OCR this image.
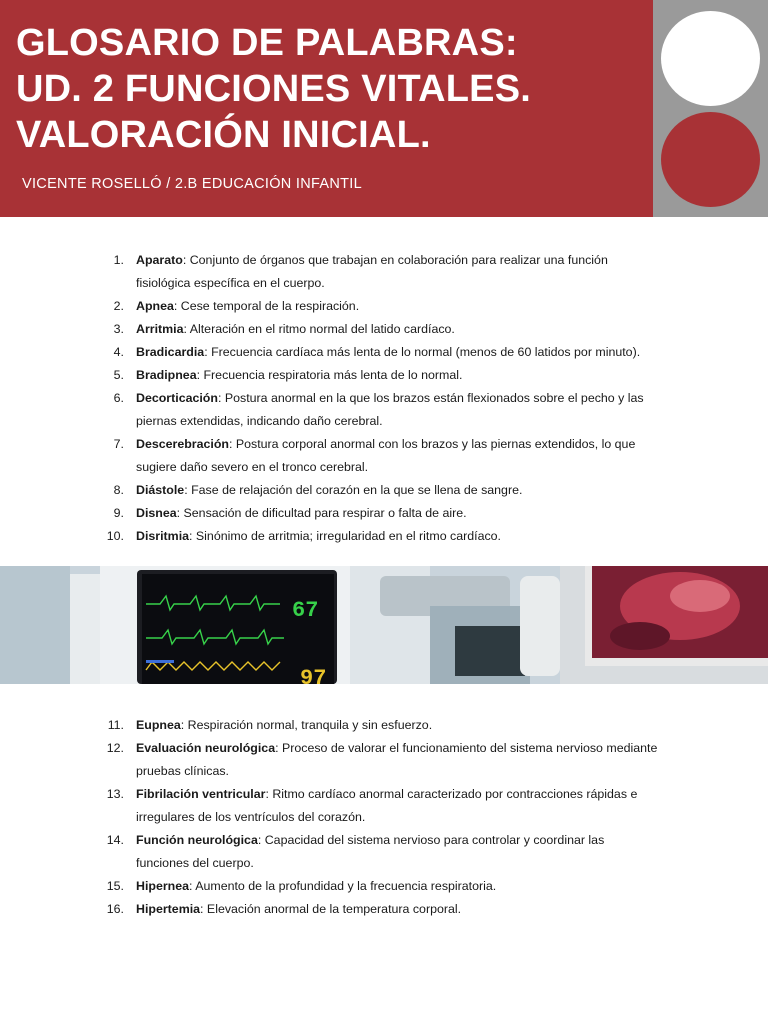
GLOSARIO DE PALABRAS:
UD. 2 FUNCIONES VITALES.
VALORACIÓN INICIAL.
VICENTE ROSELLÓ / 2.B EDUCACIÓN INFANTIL
1. Aparato: Conjunto de órganos que trabajan en colaboración para realizar una función fisiológica específica en el cuerpo.
2. Apnea: Cese temporal de la respiración.
3. Arritmia: Alteración en el ritmo normal del latido cardíaco.
4. Bradicardia: Frecuencia cardíaca más lenta de lo normal (menos de 60 latidos por minuto).
5. Bradipnea: Frecuencia respiratoria más lenta de lo normal.
6. Decorticación: Postura anormal en la que los brazos están flexionados sobre el pecho y las piernas extendidas, indicando daño cerebral.
7. Descerebración: Postura corporal anormal con los brazos y las piernas extendidos, lo que sugiere daño severo en el tronco cerebral.
8. Diástole: Fase de relajación del corazón en la que se llena de sangre.
9. Disnea: Sensación de dificultad para respirar o falta de aire.
10. Disritmia: Sinónimo de arritmia; irregularidad en el ritmo cardíaco.
67
97
11. Eupnea: Respiración normal, tranquila y sin esfuerzo.
12. Evaluación neurológica: Proceso de valorar el funcionamiento del sistema nervioso mediante pruebas clínicas.
13. Fibrilación ventricular: Ritmo cardíaco anormal caracterizado por contracciones rápidas e irregulares de los ventrículos del corazón.
14. Función neurológica: Capacidad del sistema nervioso para controlar y coordinar las funciones del cuerpo.
15. Hipernea: Aumento de la profundidad y la frecuencia respiratoria.
16. Hipertemia: Elevación anormal de la temperatura corporal.
